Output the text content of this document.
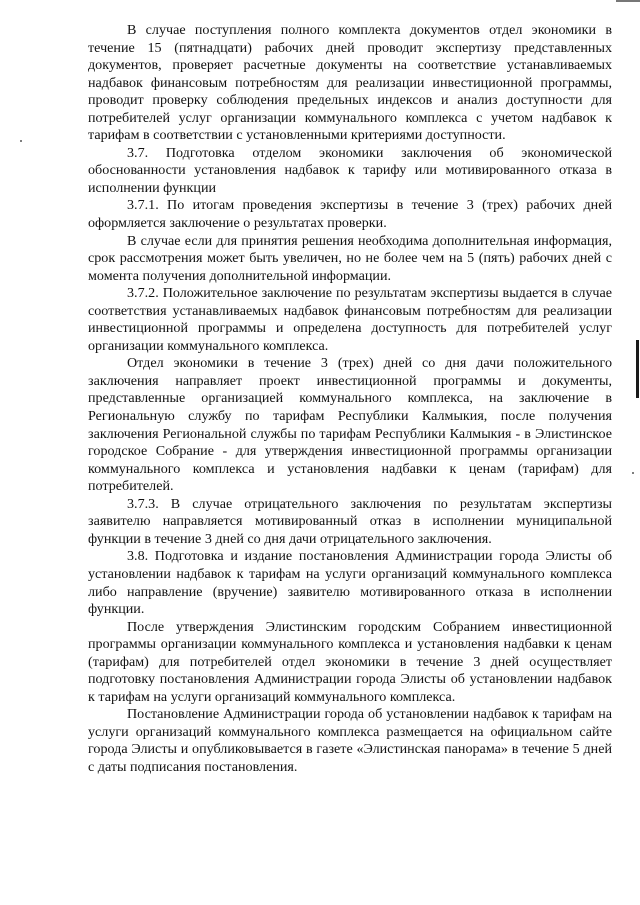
В случае поступления полного комплекта документов отдел экономики в течение 15 (пятнадцати) рабочих дней проводит экспертизу представленных документов, проверяет расчетные документы на соответствие устанавливаемых надбавок финансовым потребностям для реализации инвестиционной программы, проводит проверку соблюдения предельных индексов и анализ доступности для потребителей услуг организации коммунального комплекса с учетом надбавок к тарифам в соответствии с установленными критериями доступности.

3.7. Подготовка отделом экономики заключения об экономической обоснованности установления надбавок к тарифу или мотивированного отказа в исполнении функции

3.7.1. По итогам проведения экспертизы в течение 3 (трех) рабочих дней оформляется заключение о результатах проверки.

В случае если для принятия решения необходима дополнительная информация, срок рассмотрения может быть увеличен, но не более чем на 5 (пять) рабочих дней с момента получения дополнительной информации.

3.7.2. Положительное заключение по результатам экспертизы выдается в случае соответствия устанавливаемых надбавок финансовым потребностям для реализации инвестиционной программы и определена доступность для потребителей услуг организации коммунального комплекса.

Отдел экономики в течение 3 (трех) дней со дня дачи положительного заключения направляет проект инвестиционной программы и документы, представленные организацией коммунального комплекса, на заключение в Региональную службу по тарифам Республики Калмыкия, после получения заключения Региональной службы по тарифам Республики Калмыкия - в Элистинское городское Собрание - для утверждения инвестиционной программы организации коммунального комплекса и установления надбавки к ценам (тарифам) для потребителей.

3.7.3. В случае отрицательного заключения по результатам экспертизы заявителю направляется мотивированный отказ в исполнении муниципальной функции в течение 3 дней со дня дачи отрицательного заключения.

3.8. Подготовка и издание постановления Администрации города Элисты об установлении надбавок к тарифам на услуги организаций коммунального комплекса либо направление (вручение) заявителю мотивированного отказа в исполнении функции.

После утверждения Элистинским городским Собранием инвестиционной программы организации коммунального комплекса и установления надбавки к ценам (тарифам) для потребителей отдел экономики в течение 3 дней осуществляет подготовку постановления Администрации города Элисты об установлении надбавок к тарифам на услуги организаций коммунального комплекса.

Постановление Администрации города об установлении надбавок к тарифам на услуги организаций коммунального комплекса размещается на официальном сайте города Элисты и опубликовывается в газете «Элистинская панорама» в течение 5 дней с даты подписания постановления.
